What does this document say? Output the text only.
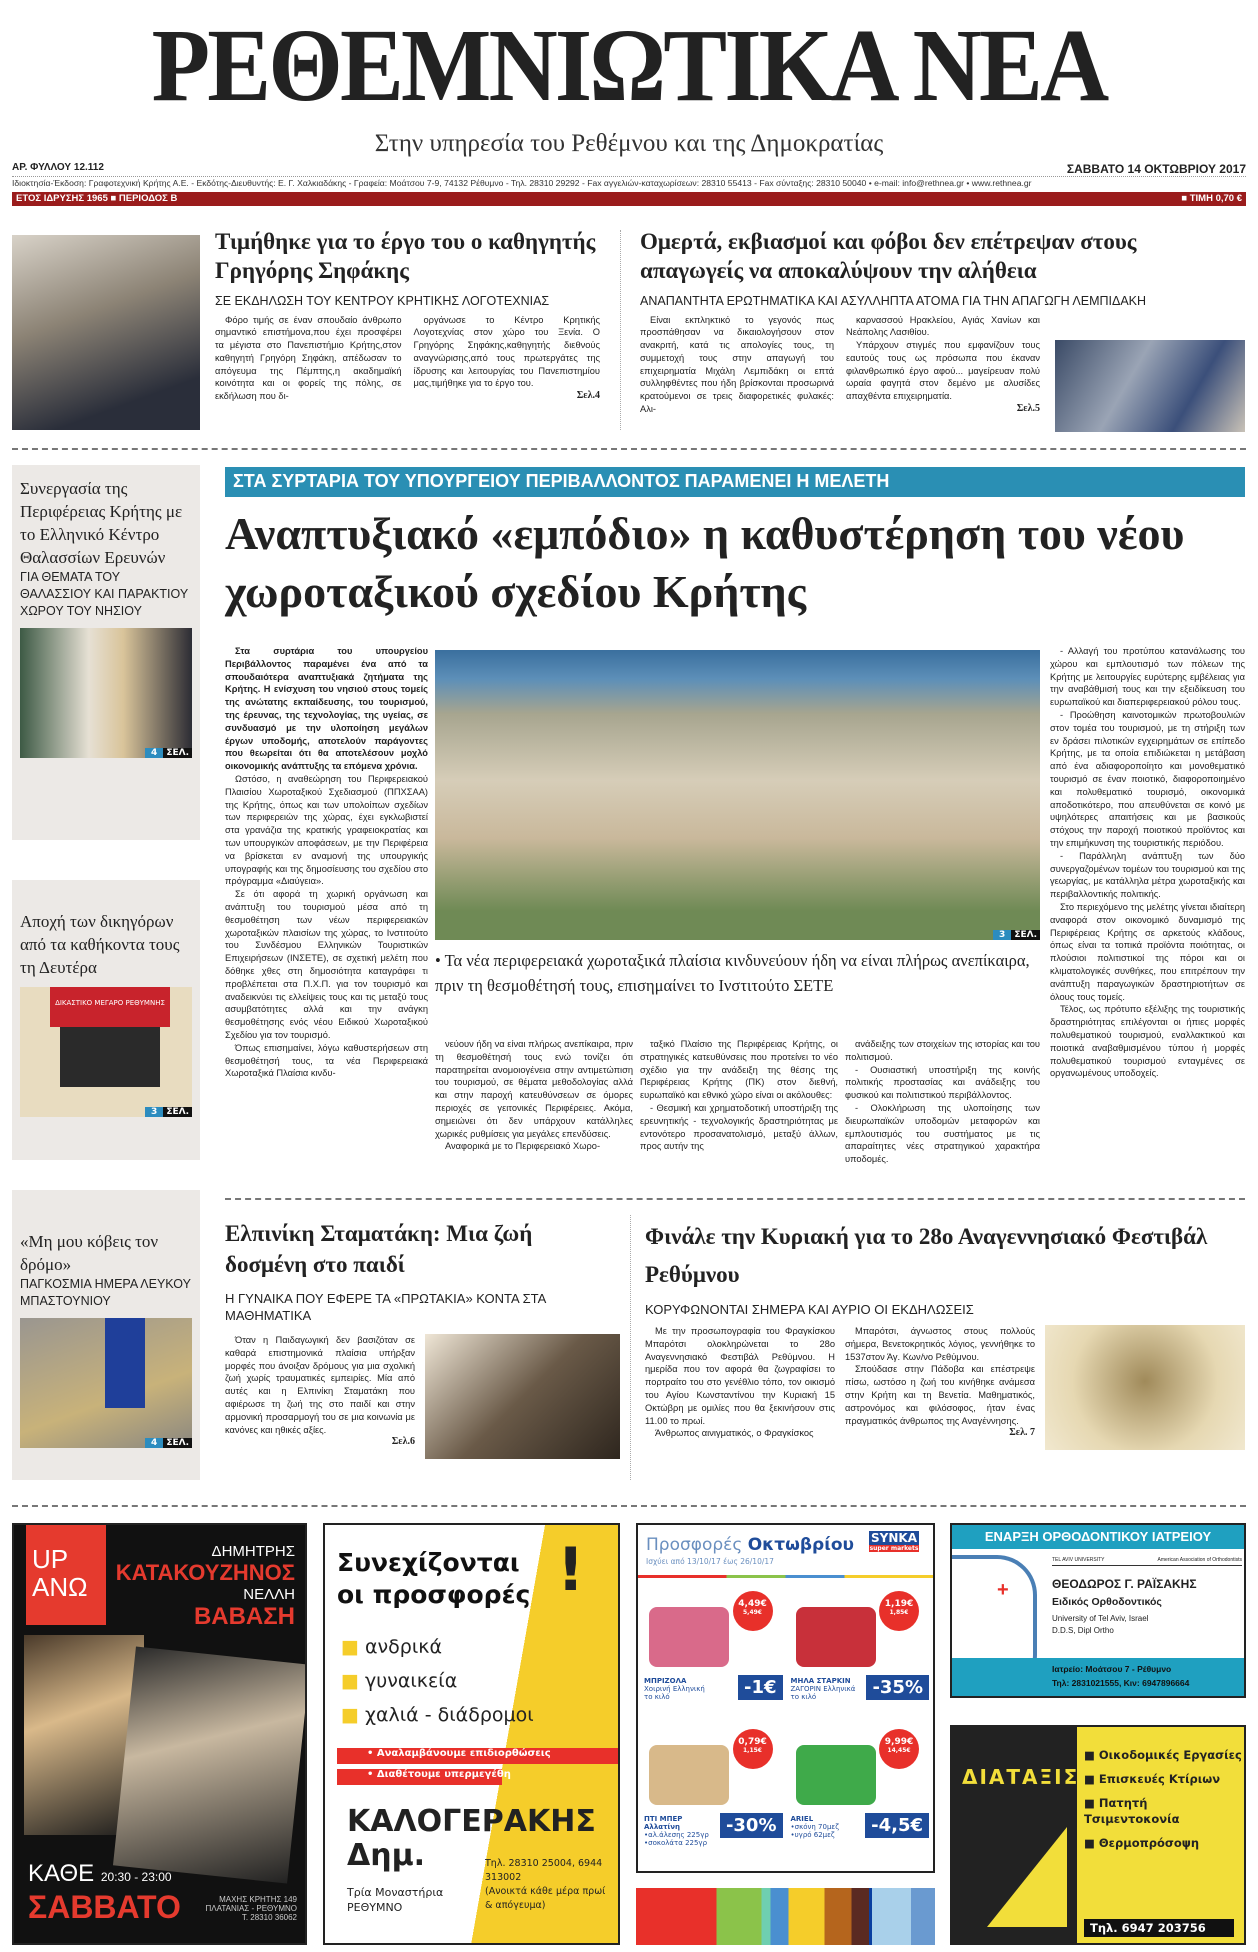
ΡΕΘΕΜΝΙΩΤΙΚΑ ΝΕΑ
Στην υπηρεσία του Ρεθέμνου και της Δημοκρατίας
ΑΡ. ΦΥΛΛΟΥ 12.112	ΣΑΒΒΑΤΟ 14 ΟΚΤΩΒΡΙΟΥ 2017
Ιδιοκτησία-Έκδοση: Γραφοτεχνική Κρήτης Α.Ε. - Εκδότης-Διευθυντής: Ε. Γ. Χαλκιαδάκης - Γραφεία: Μοάτσου 7-9, 74132 Ρέθυμνο - Τηλ. 28310 29292 - Fax αγγελιών-καταχωρίσεων: 28310 55413 - Fax σύνταξης: 28310 50040 • e-mail: info@rethnea.gr • www.rethnea.gr
ΕΤΟΣ ΙΔΡΥΣΗΣ 1965 ■ ΠΕΡΙΟΔΟΣ Β	■ ΤΙΜΗ 0,70 €
Τιμήθηκε για το έργο του ο καθηγητής Γρηγόρης Σηφάκης
ΣΕ ΕΚΔΗΛΩΣΗ ΤΟΥ ΚΕΝΤΡΟΥ ΚΡΗΤΙΚΗΣ ΛΟΓΟΤΕΧΝΙΑΣ

Φόρο τιμής σε έναν σπουδαίο άνθρωπο σημαντικό επιστήμονα,που έχει προσφέρει τα μέγιστα στο Πανεπιστήμιο Κρήτης,στον καθηγητή Γρηγόρη Σηφάκη, απέδωσαν το απόγευμα της Πέμπτης,η ακαδημαϊκή κοινότητα και οι φορείς της πόλης, σε εκδήλωση που δι-

οργάνωσε το Κέντρο Κρητικής Λογοτεχνίας στον χώρο του Ξενία. Ο Γρηγόρης Σηφάκης,καθηγητής διεθνούς αναγνώρισης,από τους πρωτεργάτες της ίδρυσης και λειτουργίας του Πανεπιστημίου μας,τιμήθηκε για το έργο του.

Σελ.4
Ομερτά, εκβιασμοί και φόβοι δεν επέτρεψαν στους απαγωγείς να αποκαλύψουν την αλήθεια
ΑΝΑΠΑΝΤΗΤΑ ΕΡΩΤΗΜΑΤΙΚΑ ΚΑΙ ΑΣΥΛΛΗΠΤΑ ΑΤΟΜΑ ΓΙΑ ΤΗΝ ΑΠΑΓΩΓΗ ΛΕΜΠΙΔΑΚΗ

Είναι εκπληκτικό το γεγονός πως προσπάθησαν να δικαιολογήσουν στον ανακριτή, κατά τις απολογίες τους, τη συμμετοχή τους στην απαγωγή του επιχειρηματία Μιχάλη Λεμπιδάκη οι επτά συλληφθέντες που ήδη βρίσκονται προσωρινά κρατούμενοι σε τρεις διαφορετικές φυλακές: Αλι-

καρνασσού Ηρακλείου, Αγιάς Χανίων και Νεάπολης Λασιθίου.

Υπάρχουν στιγμές που εμφανίζουν τους εαυτούς τους ως πρόσωπα που έκαναν φιλανθρωπικό έργο αφού... μαγείρευαν πολύ ωραία φαγητά στον δεμένο με αλυσίδες απαχθέντα επιχειρηματία.

Σελ.5
Συνεργασία της Περιφέρειας Κρήτης με το Ελληνικό Κέντρο Θαλασσίων Ερευνών
ΓΙΑ ΘΕΜΑΤΑ ΤΟΥ ΘΑΛΑΣΣΙΟΥ ΚΑΙ ΠΑΡΑΚΤΙΟΥ ΧΩΡΟΥ ΤΟΥ ΝΗΣΙΟΥ
4	ΣΕΛ.
Αποχή των δικηγόρων από τα καθήκοντα τους τη Δευτέρα
ΔΙΚΑΣΤΙΚΟ ΜΕΓΑΡΟ ΡΕΘΥΜΝΗΣ
3	ΣΕΛ.
«Μη μου κόβεις τον δρόμο»
ΠΑΓΚΟΣΜΙΑ ΗΜΕΡΑ ΛΕΥΚΟΥ ΜΠΑΣΤΟΥΝΙΟΥ
4	ΣΕΛ.
ΣΤΑ ΣΥΡΤΑΡΙΑ ΤΟΥ ΥΠΟΥΡΓΕΙΟΥ ΠΕΡΙΒΑΛΛΟΝΤΟΣ ΠΑΡΑΜΕΝΕΙ Η ΜΕΛΕΤΗ
Αναπτυξιακό «εμπόδιο» η καθυστέρηση του νέου χωροταξικού σχεδίου Κρήτης

Στα συρτάρια του υπουργείου Περιβάλλοντος παραμένει ένα από τα σπουδαιότερα αναπτυξιακά ζητήματα της Κρήτης. Η ενίσχυση του νησιού στους τομείς της ανώτατης εκπαίδευσης, του τουρισμού, της έρευνας, της τεχνολογίας, της υγείας, σε συνδυασμό με την υλοποίηση μεγάλων έργων υποδομής, αποτελούν παράγοντες που θεωρείται ότι θα αποτελέσουν μοχλό οικονομικής ανάπτυξης τα επόμενα χρόνια.

Ωστόσο, η αναθεώρηση του Περιφερειακού Πλαισίου Χωροταξικού Σχεδιασμού (ΠΠΧΣΑΑ) της Κρήτης, όπως και των υπολοίπων σχεδίων των περιφερειών της χώρας, έχει εγκλωβιστεί στα γρανάζια της κρατικής γραφειοκρατίας και των υπουργικών αποφάσεων, με την Περιφέρεια να βρίσκεται εν αναμονή της υπουργικής υπογραφής και της δημοσίευσης του σχεδίου στο πρόγραμμα «Διαύγεια».

Σε ότι αφορά τη χωρική οργάνωση και ανάπτυξη του τουρισμού μέσα από τη θεσμοθέτηση των νέων περιφερειακών χωροταξικών πλαισίων της χώρας, το Ινστιτούτο του Συνδέσμου Ελληνικών Τουριστικών Επιχειρήσεων (ΙΝΣΕΤΕ), σε σχετική μελέτη που δόθηκε χθες στη δημοσιότητα καταγράφει τι προβλέπεται στα Π.Χ.Π. για τον τουρισμό και αναδεικνύει τις ελλείψεις τους και τις μεταξύ τους ασυμβατότητες αλλά και την ανάγκη θεσμοθέτησης ενός νέου Ειδικού Χωροταξικού Σχεδίου για τον τουρισμό.

Όπως επισημαίνει, λόγω καθυστερήσεων στη θεσμοθέτησή τους, τα νέα Περιφερειακά Χωροταξικά Πλαίσια κινδυ-

3	ΣΕΛ.
• Τα νέα περιφερειακά χωροταξικά πλαίσια κινδυνεύουν ήδη να είναι πλήρως ανεπίκαιρα, πριν τη θεσμοθέτησή τους, επισημαίνει το Ινστιτούτο ΣΕΤΕ

νεύουν ήδη να είναι πλήρως ανεπίκαιρα, πριν τη θεσμοθέτησή τους ενώ τονίζει ότι παρατηρείται ανομοιογένεια στην αντιμετώπιση του τουρισμού, σε θέματα μεθοδολογίας αλλά και στην παροχή κατευθύνσεων σε όμορες περιοχές σε γειτονικές Περιφέρειες. Ακόμα, σημειώνει ότι δεν υπάρχουν κατάλληλες χωρικές ρυθμίσεις για μεγάλες επενδύσεις.

Αναφορικά με το Περιφερειακό Χωρο-

ταξικό Πλαίσιο της Περιφέρειας Κρήτης, οι στρατηγικές κατευθύνσεις που προτείνει το νέο σχέδιο για την ανάδειξη της θέσης της Περιφέρειας Κρήτης (ΠΚ) στον διεθνή, ευρωπαϊκό και εθνικό χώρο είναι οι ακόλουθες:

- Θεσμική και χρηματοδοτική υποστήριξη της ερευνητικής - τεχνολογικής δραστηριότητας με εντονότερο προσανατολισμό, μεταξύ άλλων, προς αυτήν της

ανάδειξης των στοιχείων της ιστορίας και του πολιτισμού.

- Ουσιαστική υποστήριξη της κοινής πολιτικής προστασίας και ανάδειξης του φυσικού και πολιτιστικού περιβάλλοντος.

- Ολοκλήρωση της υλοποίησης των διευρωπαϊκών υποδομών μεταφορών και εμπλουτισμός του συστήματος με τις απαραίτητες νέες στρατηγικού χαρακτήρα υποδομές.

- Αλλαγή του προτύπου κατανάλωσης του χώρου και εμπλουτισμό των πόλεων της Κρήτης με λειτουργίες ευρύτερης εμβέλειας για την αναβάθμισή τους και την εξειδίκευση του ευρωπαϊκού και διαπεριφερειακού ρόλου τους.

- Προώθηση καινοτομικών πρωτοβουλιών στον τομέα του τουρισμού, με τη στήριξη των εν δράσει πιλοτικών εγχειρημάτων σε επίπεδο Κρήτης, με τα οποία επιδιώκεται η μετάβαση από ένα αδιαφοροποίητο και μονοθεματικό τουρισμό σε έναν ποιοτικό, διαφοροποιημένο και πολυθεματικό τουρισμό, οικονομικά αποδοτικότερο, που απευθύνεται σε κοινό με υψηλότερες απαιτήσεις και με βασικούς στόχους την παροχή ποιοτικού προϊόντος και την επιμήκυνση της τουριστικής περιόδου.

- Παράλληλη ανάπτυξη των δύο συνεργαζομένων τομέων του τουρισμού και της γεωργίας, με κατάλληλα μέτρα χωροταξικής και περιβαλλοντικής πολιτικής.

Στο περιεχόμενο της μελέτης γίνεται ιδιαίτερη αναφορά στον οικονομικό δυναμισμό της Περιφέρειας Κρήτης σε αρκετούς κλάδους, όπως είναι τα τοπικά προϊόντα ποιότητας, οι πλούσιοι πολιτιστικοί της πόροι και οι κλιματολογικές συνθήκες, που επιτρέπουν την ανάπτυξη παραγωγικών δραστηριοτήτων σε όλους τους τομείς.

Τέλος, ως πρότυπο εξέλιξης της τουριστικής δραστηριότητας επιλέγονται οι ήπιες μορφές πολυθεματικού τουρισμού, εναλλακτικού και ποιοτικά αναβαθμισμένου τύπου ή μορφές πολυθεματικού τουρισμού ενταγμένες σε οργανωμένους υποδοχείς.

Ελπινίκη Σταματάκη: Μια ζωή δοσμένη στο παιδί
Η ΓΥΝΑΙΚΑ ΠΟΥ ΕΦΕΡΕ ΤΑ «ΠΡΩΤΑΚΙΑ» ΚΟΝΤΑ ΣΤΑ ΜΑΘΗΜΑΤΙΚΑ

Όταν η Παιδαγωγική δεν βασιζόταν σε καθαρά επιστημονικά πλαίσια υπήρξαν μορφές που άνοιξαν δρόμους για μια σχολική ζωή χωρίς τραυματικές εμπειρίες. Μία από αυτές και η Ελπινίκη Σταματάκη που αφιέρωσε τη ζωή της στο παιδί και στην αρμονική προσαρμογή του σε μια κοινωνία με κανόνες και ηθικές αξίες.

Σελ.6
Φινάλε την Κυριακή για το 28ο Αναγεννησιακό Φεστιβάλ Ρεθύμνου
ΚΟΡΥΦΩΝΟΝΤΑΙ ΣΗΜΕΡΑ ΚΑΙ ΑΥΡΙΟ ΟΙ ΕΚΔΗΛΩΣΕΙΣ

Με την προσωπογραφία του Φραγκίσκου Μπαρότσι ολοκληρώνεται το 28ο Αναγεννησιακό Φεστιβάλ Ρεθύμνου. Η ημερίδα που τον αφορά θα ζωγραφίσει το πορτραίτο του στο γενέθλιο τόπο, τον οικισμό του Αγίου Κωνσταντίνου την Κυριακή 15 Οκτώβρη με ομιλίες που θα ξεκινήσουν στις 11.00 το πρωί.

Άνθρωπος αινιγματικός, ο Φραγκίσκος

Μπαρότσι, άγνωστος στους πολλούς σήμερα, Βενετοκρητικός λόγιος, γεννήθηκε το 1537στον Άγ. Κων/νο Ρεθύμνου.

Σπούδασε στην Πάδοβα και επέστρεψε πίσω, ωστόσο η ζωή του κινήθηκε ανάμεσα στην Κρήτη και τη Βενετία. Μαθηματικός, αστρονόμος και φιλόσοφος, ήταν ένας πραγματικός άνθρωπος της Αναγέννησης.

Σελ. 7
UP ΑΝΩ
ΔΗΜΗΤΡΗΣ
ΚΑΤΑΚΟΥΖΗΝΟΣ
ΝΕΛΛΗ
ΒΑΒΑΣΗ
ΚΑΘΕ 20:30 - 23:00
ΣΑΒΒΑΤΟ	ΜΑΧΗΣ ΚΡΗΤΗΣ 149
ΠΛΑΤΑΝΙΑΣ - ΡΕΘΥΜΝΟ
Τ. 28310 36062
Συνεχίζονται
οι προσφορές !
■ ανδρικά
■ γυναικεία
■ χαλιά - διάδρομοι
• Αναλαμβάνουμε επιδιορθώσεις
• Διαθέτουμε υπερμεγέθη
ΚΑΛΟΓΕΡΑΚΗΣ
Δημ.
Τρία Μοναστήρια
ΡΕΘΥΜΝΟ
Τηλ. 28310 25004, 6944 313002
(Ανοικτά κάθε μέρα πρωί & απόγευμα)
Προσφορές Οκτωβρίου
Ισχύει από 13/10/17 έως 26/10/17
SYNKA
super markets
4,49€
5,49€
ΜΠΡΙΖΟΛΑ
Χοιρινή Ελληνική το κιλό	-1€
1,19€
1,85€
ΜΗΛΑ ΣΤΑΡΚΙΝ
ΖΑΓΟΡΙΝ Ελληνικά το κιλό	-35%
0,79€
1,15€
ΠΤΙ ΜΠΕΡ Αλλατίνη
•αλ.άλεσης 225γρ •σοκολάτα 225γρ
-30%
9,99€
14,45€
ARIEL
•σκόνη 70μεζ •υγρό 62μεζ	-4,5€
ΕΝΑΡΞΗ ΟΡΘΟΔΟΝΤΙΚΟΥ ΙΑΤΡΕΙΟΥ
+
TEL AVIV UNIVERSITY	American Association of Orthodontists
ΘΕΟΔΩΡΟΣ Γ. ΡΑΪΣΑΚΗΣ
Ειδικός Ορθοδοντικός
University of Tel Aviv, Israel
D.D.S, Dipl Ortho
Ιατρείο: Μοάτσου 7 - Ρέθυμνο
Τηλ: 2831021555, Κιν: 6947896664
ΔΙΑΤΑΞΙΣ
■ Οικοδομικές Εργασίες
■ Επισκευές Κτίριων
■ Πατητή Τσιμεντοκονία
■ Θερμοπρόσοψη
Τηλ. 6947 203756
